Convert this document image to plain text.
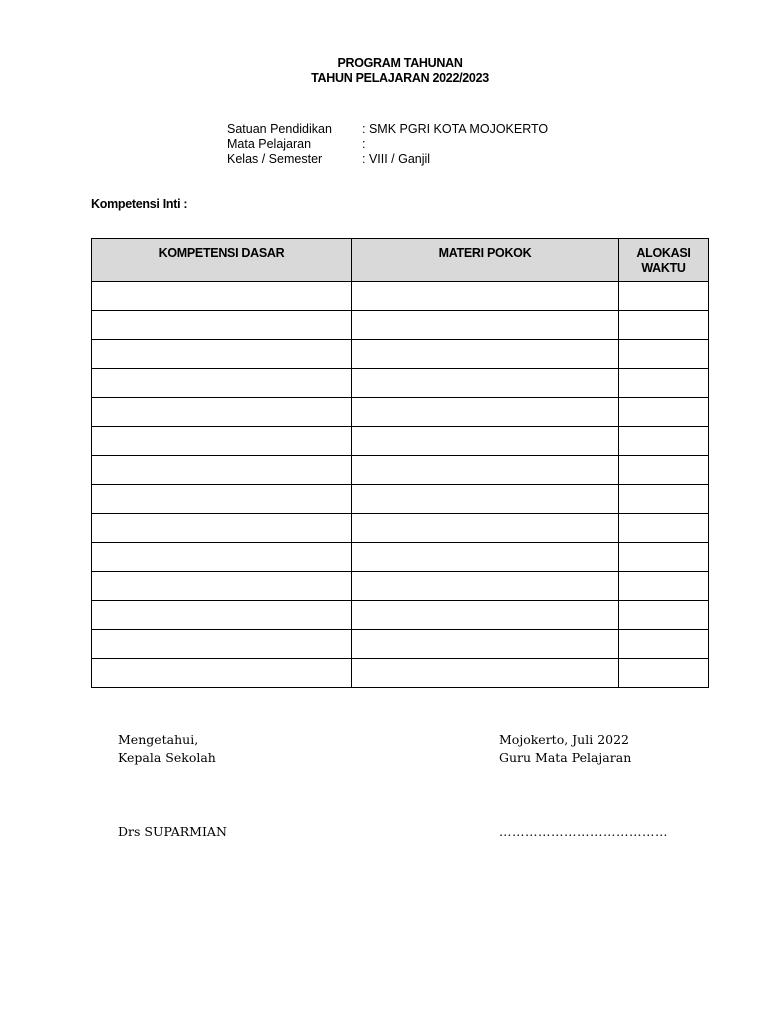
PROGRAM TAHUNAN
TAHUN PELAJARAN 2022/2023
Satuan Pendidikan	: SMK PGRI KOTA MOJOKERTO
Mata Pelajaran	:
Kelas / Semester	: VIII / Ganjil
Kompetensi Inti :
KOMPETENSI DASAR	MATERI POKOK	ALOKASI WAKTU

Mengetahui,
Kepala Sekolah
Mojokerto, Juli 2022
Guru Mata Pelajaran
Drs SUPARMIAN	…………………………………
